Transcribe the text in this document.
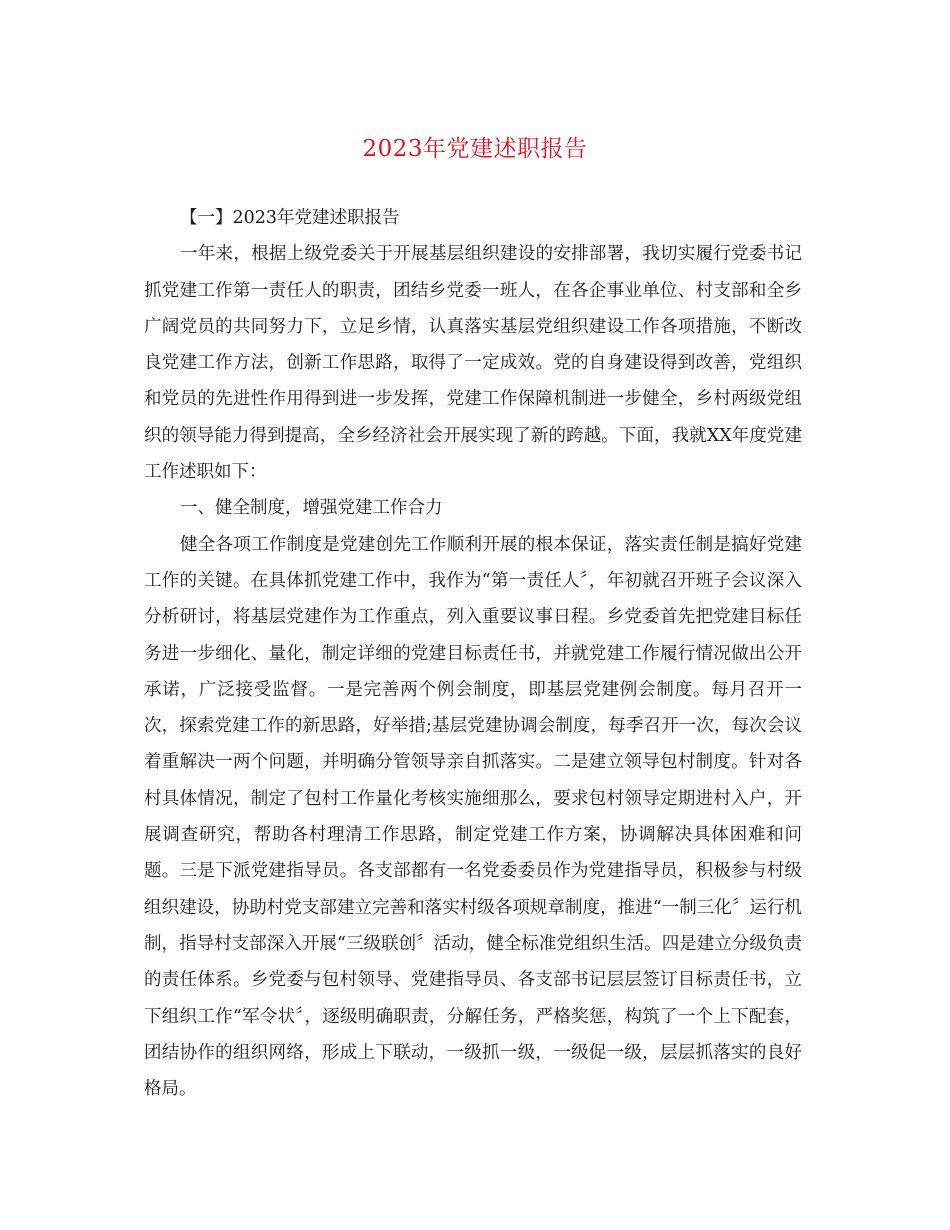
2023年党建述职报告

【一】2023年党建述职报告

一年来，根据上级党委关于开展基层组织建设的安排部署，我切实履行党委书记抓党建工作第一责任人的职责，团结乡党委一班人，在各企事业单位、村支部和全乡广阔党员的共同努力下，立足乡情，认真落实基层党组织建设工作各项措施，不断改良党建工作方法，创新工作思路，取得了一定成效。党的自身建设得到改善，党组织和党员的先进性作用得到进一步发挥，党建工作保障机制进一步健全，乡村两级党组织的领导能力得到提高，全乡经济社会开展实现了新的跨越。下面，我就XX年度党建工作述职如下：

一、健全制度，增强党建工作合力

健全各项工作制度是党建创先工作顺利开展的根本保证，落实责任制是搞好党建工作的关键。在具体抓党建工作中，我作为“第一责任人〞，年初就召开班子会议深入分析研讨，将基层党建作为工作重点，列入重要议事日程。乡党委首先把党建目标任务进一步细化、量化，制定详细的党建目标责任书，并就党建工作履行情况做出公开承诺，广泛接受监督。一是完善两个例会制度，即基层党建例会制度。每月召开一次，探索党建工作的新思路，好举措;基层党建协调会制度，每季召开一次，每次会议着重解决一两个问题，并明确分管领导亲自抓落实。二是建立领导包村制度。针对各村具体情况，制定了包村工作量化考核实施细那么，要求包村领导定期进村入户，开展调查研究，帮助各村理清工作思路，制定党建工作方案，协调解决具体困难和问题。三是下派党建指导员。各支部都有一名党委委员作为党建指导员，积极参与村级组织建设，协助村党支部建立完善和落实村级各项规章制度，推进“一制三化〞运行机制，指导村支部深入开展“三级联创〞活动，健全标准党组织生活。四是建立分级负责的责任体系。乡党委与包村领导、党建指导员、各支部书记层层签订目标责任书，立下组织工作“军令状〞，逐级明确职责，分解任务，严格奖惩，构筑了一个上下配套，团结协作的组织网络，形成上下联动，一级抓一级，一级促一级，层层抓落实的良好格局。
